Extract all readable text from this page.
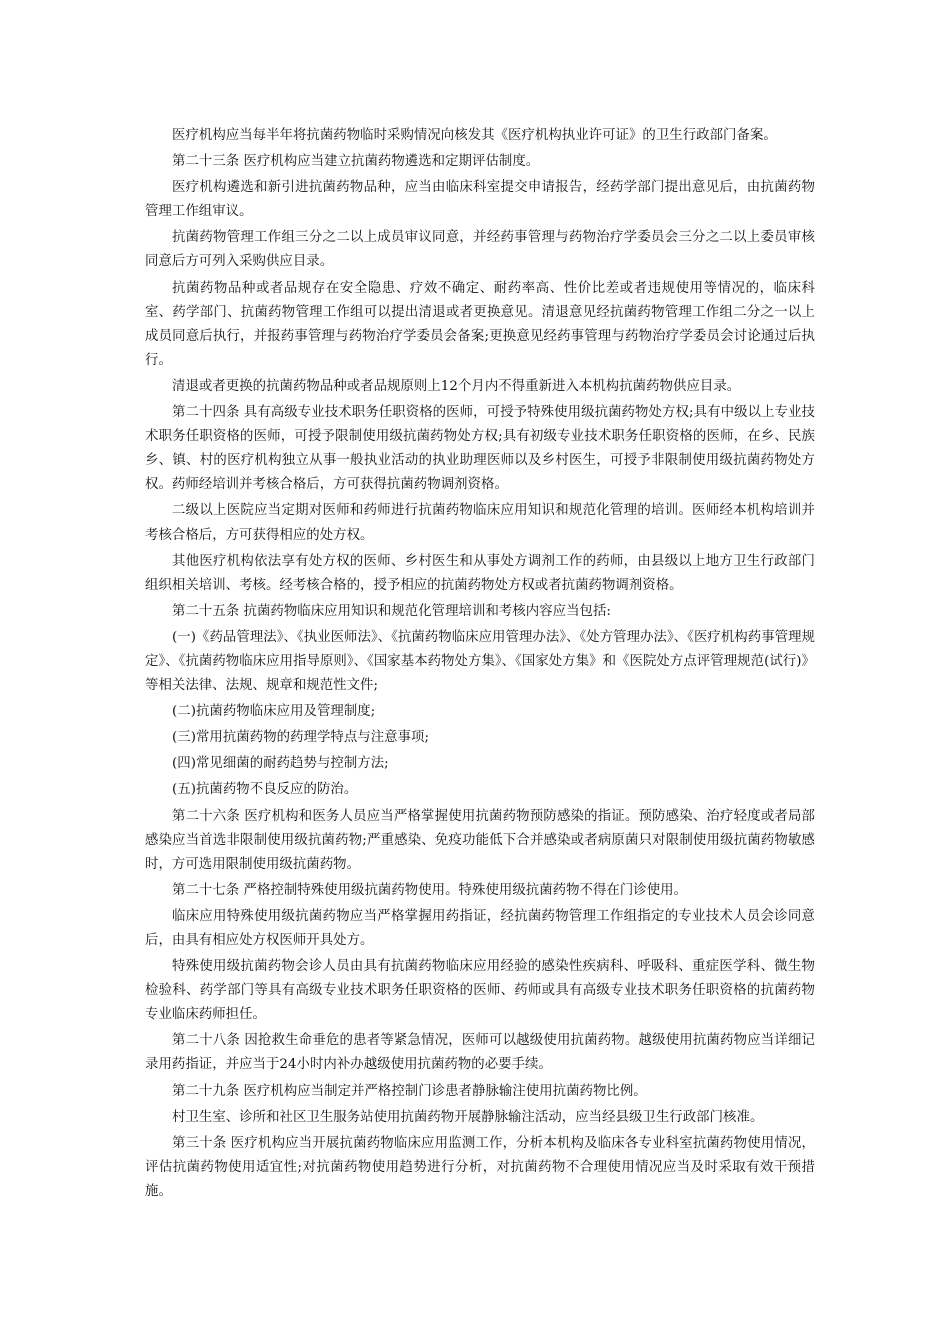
医疗机构应当每半年将抗菌药物临时采购情况向核发其《医疗机构执业许可证》的卫生行政部门备案。

第二十三条 医疗机构应当建立抗菌药物遴选和定期评估制度。

医疗机构遴选和新引进抗菌药物品种，应当由临床科室提交申请报告，经药学部门提出意见后，由抗菌药物管理工作组审议。

抗菌药物管理工作组三分之二以上成员审议同意，并经药事管理与药物治疗学委员会三分之二以上委员审核同意后方可列入采购供应目录。

抗菌药物品种或者品规存在安全隐患、疗效不确定、耐药率高、性价比差或者违规使用等情况的，临床科室、药学部门、抗菌药物管理工作组可以提出清退或者更换意见。清退意见经抗菌药物管理工作组二分之一以上成员同意后执行，并报药事管理与药物治疗学委员会备案;更换意见经药事管理与药物治疗学委员会讨论通过后执行。

清退或者更换的抗菌药物品种或者品规原则上12个月内不得重新进入本机构抗菌药物供应目录。

第二十四条 具有高级专业技术职务任职资格的医师，可授予特殊使用级抗菌药物处方权;具有中级以上专业技术职务任职资格的医师，可授予限制使用级抗菌药物处方权;具有初级专业技术职务任职资格的医师，在乡、民族乡、镇、村的医疗机构独立从事一般执业活动的执业助理医师以及乡村医生，可授予非限制使用级抗菌药物处方权。药师经培训并考核合格后，方可获得抗菌药物调剂资格。

二级以上医院应当定期对医师和药师进行抗菌药物临床应用知识和规范化管理的培训。医师经本机构培训并考核合格后，方可获得相应的处方权。

其他医疗机构依法享有处方权的医师、乡村医生和从事处方调剂工作的药师，由县级以上地方卫生行政部门组织相关培训、考核。经考核合格的，授予相应的抗菌药物处方权或者抗菌药物调剂资格。

第二十五条 抗菌药物临床应用知识和规范化管理培训和考核内容应当包括:

(一)《药品管理法》、《执业医师法》、《抗菌药物临床应用管理办法》、《处方管理办法》、《医疗机构药事管理规定》、《抗菌药物临床应用指导原则》、《国家基本药物处方集》、《国家处方集》和《医院处方点评管理规范(试行)》等相关法律、法规、规章和规范性文件;

(二)抗菌药物临床应用及管理制度;

(三)常用抗菌药物的药理学特点与注意事项;

(四)常见细菌的耐药趋势与控制方法;

(五)抗菌药物不良反应的防治。

第二十六条 医疗机构和医务人员应当严格掌握使用抗菌药物预防感染的指证。预防感染、治疗轻度或者局部感染应当首选非限制使用级抗菌药物;严重感染、免疫功能低下合并感染或者病原菌只对限制使用级抗菌药物敏感时，方可选用限制使用级抗菌药物。

第二十七条 严格控制特殊使用级抗菌药物使用。特殊使用级抗菌药物不得在门诊使用。

临床应用特殊使用级抗菌药物应当严格掌握用药指证，经抗菌药物管理工作组指定的专业技术人员会诊同意后，由具有相应处方权医师开具处方。

特殊使用级抗菌药物会诊人员由具有抗菌药物临床应用经验的感染性疾病科、呼吸科、重症医学科、微生物检验科、药学部门等具有高级专业技术职务任职资格的医师、药师或具有高级专业技术职务任职资格的抗菌药物专业临床药师担任。

第二十八条 因抢救生命垂危的患者等紧急情况，医师可以越级使用抗菌药物。越级使用抗菌药物应当详细记录用药指证，并应当于24小时内补办越级使用抗菌药物的必要手续。

第二十九条 医疗机构应当制定并严格控制门诊患者静脉输注使用抗菌药物比例。

村卫生室、诊所和社区卫生服务站使用抗菌药物开展静脉输注活动，应当经县级卫生行政部门核准。

第三十条 医疗机构应当开展抗菌药物临床应用监测工作，分析本机构及临床各专业科室抗菌药物使用情况，评估抗菌药物使用适宜性;对抗菌药物使用趋势进行分析，对抗菌药物不合理使用情况应当及时采取有效干预措施。
